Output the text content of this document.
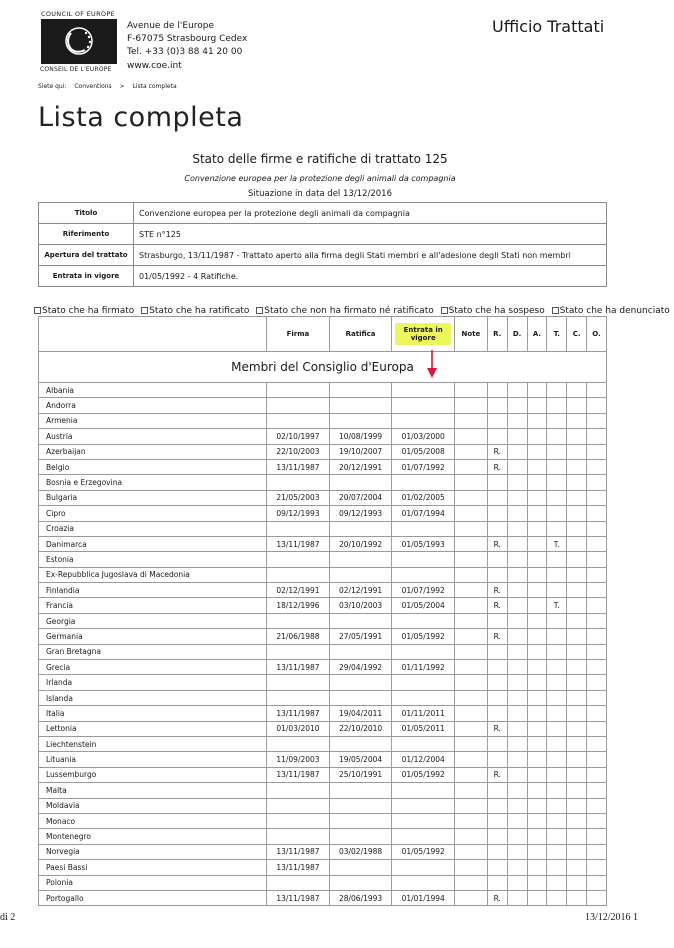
COUNCIL OF EUROPE
CONSEIL DE L'EUROPE
Avenue de l'Europe
F-67075 Strasbourg Cedex
Tel. +33 (0)3 88 41 20 00
www.coe.int
Ufficio Trattati
Siete qui: Conventions > Lista completa
Lista completa
Stato delle firme e ratifiche di trattato 125
Convenzione europea per la protezione degli animali da compagnia
Situazione in data del 13/12/2016
Titolo	Convenzione europea per la protezione degli animali da compagnia
Riferimento	STE n°125
Apertura del trattato	Strasburgo, 13/11/1987 - Trattato aperto alla firma degli Stati membri e all'adesione degli Stati non membri
Entrata in vigore	01/05/1992 - 4 Ratifiche.
Stato che ha firmato Stato che ha ratificato Stato che non ha firmato né ratificato Stato che ha sospeso Stato che ha denunciato
	Firma	Ratifica	Entrata in vigore	Note	R.	D.	A.	T.	C.	O.
Membri del Consiglio d'Europa										
Albania										
Andorra										
Armenia										
Austria	02/10/1997	10/08/1999	01/03/2000							
Azerbaijan	22/10/2003	19/10/2007	01/05/2008		R.					
Belgio	13/11/1987	20/12/1991	01/07/1992		R.					
Bosnia e Erzegovina										
Bulgaria	21/05/2003	20/07/2004	01/02/2005							
Cipro	09/12/1993	09/12/1993	01/07/1994							
Croazia										
Danimarca	13/11/1987	20/10/1992	01/05/1993		R.			T.		
Estonia										
Ex-Repubblica Jugoslava di Macedonia										
Finlandia	02/12/1991	02/12/1991	01/07/1992		R.					
Francia	18/12/1996	03/10/2003	01/05/2004		R.			T.		
Georgia										
Germania	21/06/1988	27/05/1991	01/05/1992		R.					
Gran Bretagna										
Grecia	13/11/1987	29/04/1992	01/11/1992							
Irlanda										
Islanda										
Italia	13/11/1987	19/04/2011	01/11/2011							
Lettonia	01/03/2010	22/10/2010	01/05/2011		R.					
Liechtenstein										
Lituania	11/09/2003	19/05/2004	01/12/2004							
Lussemburgo	13/11/1987	25/10/1991	01/05/1992		R.					
Malta										
Moldavia										
Monaco										
Montenegro										
Norvegia	13/11/1987	03/02/1988	01/05/1992							
Paesi Bassi	13/11/1987									
Polonia										
Portogallo	13/11/1987	28/06/1993	01/01/1994		R.					
di 2	13/12/2016 1
